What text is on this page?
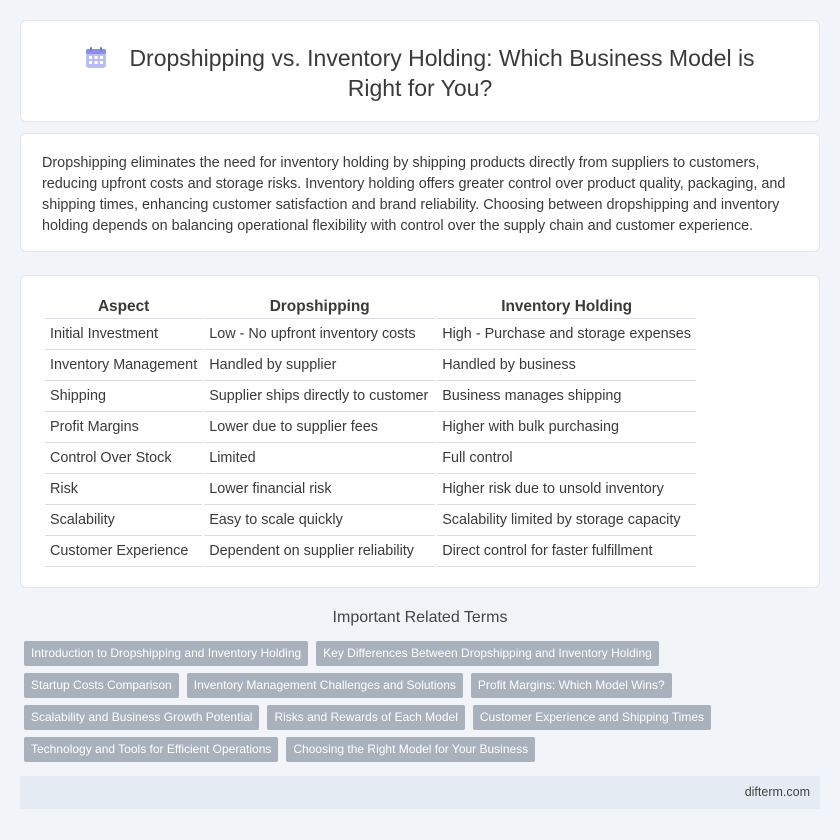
Dropshipping vs. Inventory Holding: Which Business Model is Right for You?

Dropshipping eliminates the need for inventory holding by shipping products directly from suppliers to customers, reducing upfront costs and storage risks. Inventory holding offers greater control over product quality, packaging, and shipping times, enhancing customer satisfaction and brand reliability. Choosing between dropshipping and inventory holding depends on balancing operational flexibility with control over the supply chain and customer experience.

Aspect	Dropshipping	Inventory Holding
Initial Investment	Low - No upfront inventory costs	High - Purchase and storage expenses
Inventory Management	Handled by supplier	Handled by business
Shipping	Supplier ships directly to customer	Business manages shipping
Profit Margins	Lower due to supplier fees	Higher with bulk purchasing
Control Over Stock	Limited	Full control
Risk	Lower financial risk	Higher risk due to unsold inventory
Scalability	Easy to scale quickly	Scalability limited by storage capacity
Customer Experience	Dependent on supplier reliability	Direct control for faster fulfillment
Important Related Terms
Introduction to Dropshipping and Inventory Holding	Key Differences Between Dropshipping and Inventory Holding
Startup Costs Comparison	Inventory Management Challenges and Solutions	Profit Margins: Which Model Wins?
Scalability and Business Growth Potential	Risks and Rewards of Each Model	Customer Experience and Shipping Times
Technology and Tools for Efficient Operations	Choosing the Right Model for Your Business
difterm.com
